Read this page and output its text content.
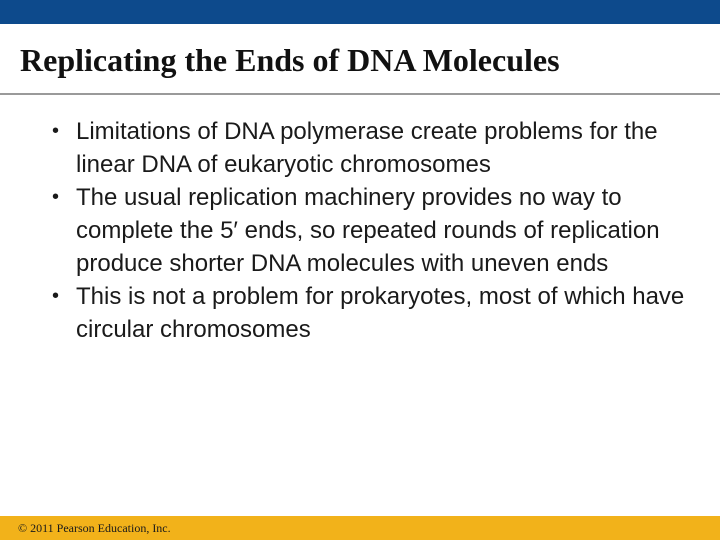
Replicating the Ends of DNA Molecules
• Limitations of DNA polymerase create problems for the linear DNA of eukaryotic chromosomes
• The usual replication machinery provides no way to complete the 5′ ends, so repeated rounds of replication produce shorter DNA molecules with uneven ends
• This is not a problem for prokaryotes, most of which have circular chromosomes
© 2011 Pearson Education, Inc.
